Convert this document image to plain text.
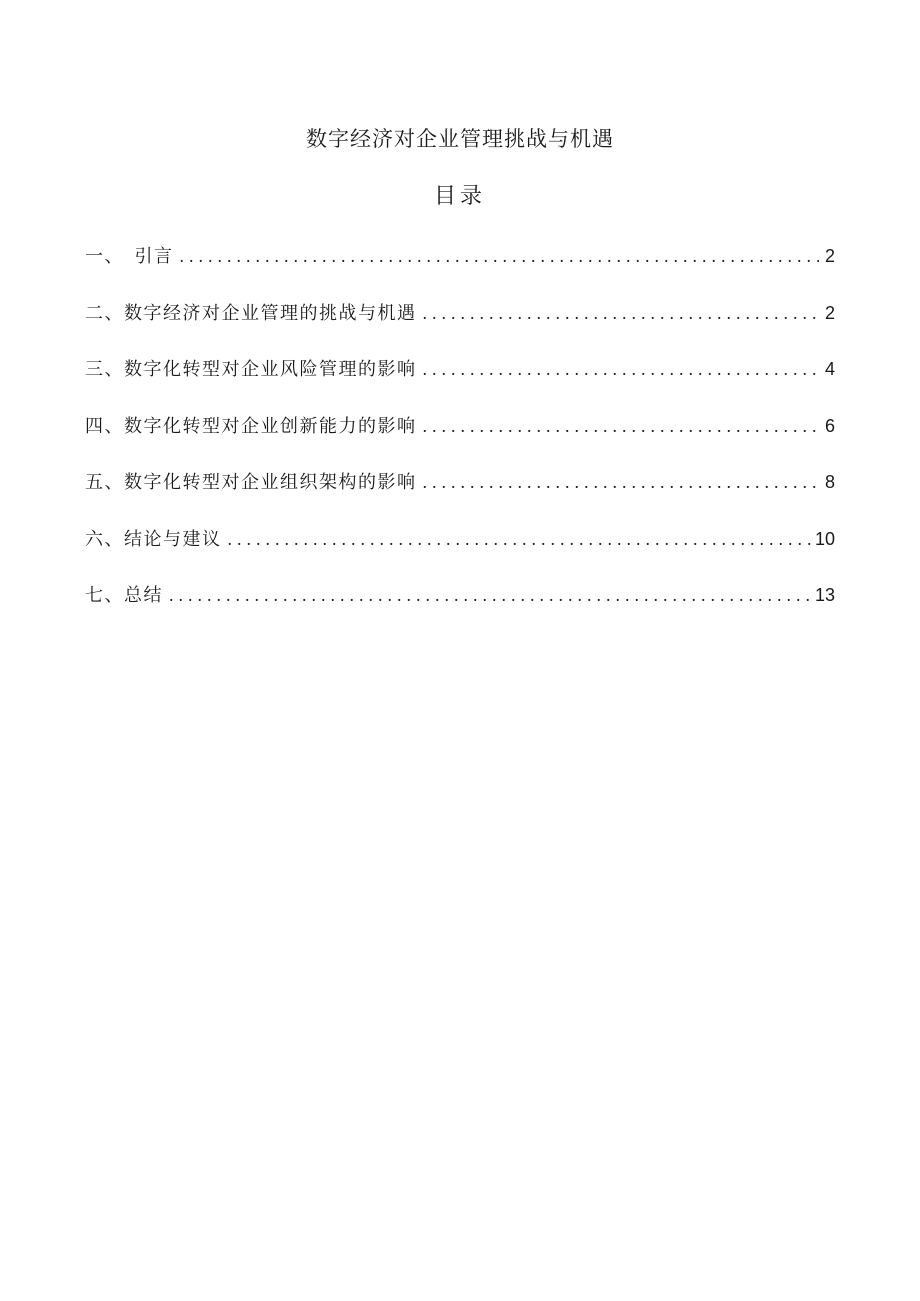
数字经济对企业管理挑战与机遇
目录
一、　引言 .....	2
二、数字经济对企业管理的挑战与机遇 .....	2
三、数字化转型对企业风险管理的影响 .....	4
四、数字化转型对企业创新能力的影响 .....	6
五、数字化转型对企业组织架构的影响 .....	8
六、结论与建议 .....	10
七、总结 .....	13
